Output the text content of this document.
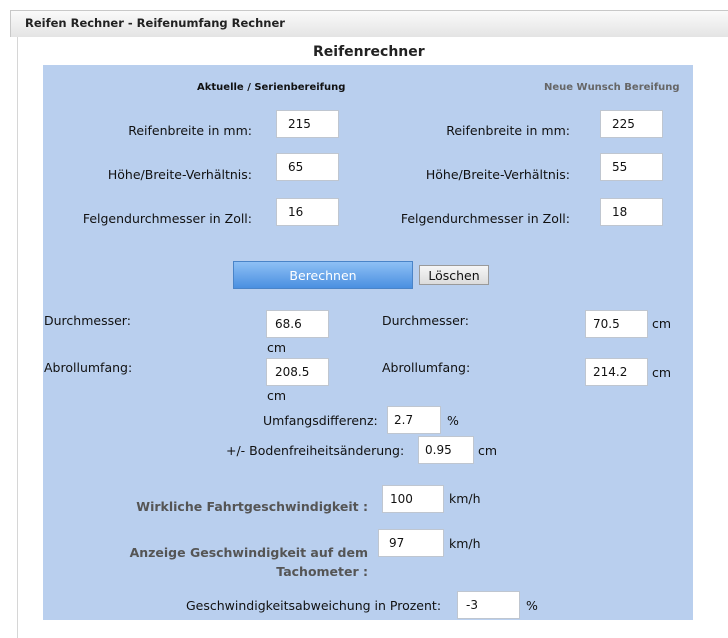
Reifen Rechner - Reifenumfang Rechner
Reifenrechner
Aktuelle / Serienbereifung	Neue Wunsch Bereifung
Reifenbreite in mm:
215
Höhe/Breite-Verhältnis:
65
Felgendurchmesser in Zoll:
16
Reifenbreite in mm:
225
Höhe/Breite-Verhältnis:
55
Felgendurchmesser in Zoll:
18
Berechnen	Löschen
Durchmesser:
68.6
cm
Abrollumfang:
208.5
cm
Durchmesser:
70.5	cm
Abrollumfang:
214.2	cm
Umfangsdifferenz:
2.7	%
+/- Bodenfreiheitsänderung:
0.95	cm
Wirkliche Fahrtgeschwindigkeit :
100
km/h
Anzeige Geschwindigkeit auf dem Tachometer :
97
km/h
Geschwindigkeitsabweichung in Prozent:
-3	%
